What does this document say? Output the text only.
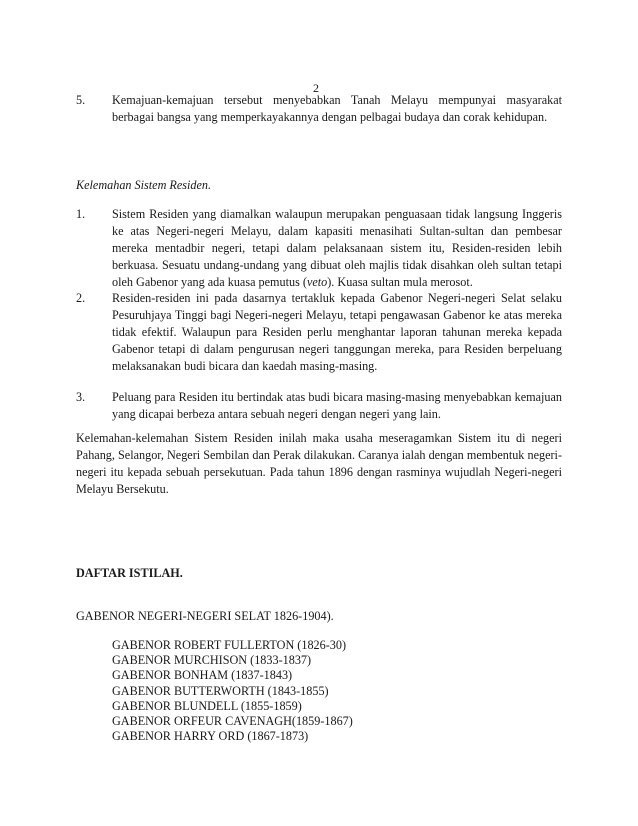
2
5. Kemajuan-kemajuan tersebut menyebabkan Tanah Melayu mempunyai masyarakat berbagai bangsa yang memperkayakannya dengan pelbagai budaya dan corak kehidupan.
Kelemahan Sistem Residen.
1. Sistem Residen yang diamalkan walaupun merupakan penguasaan tidak langsung Inggeris ke atas Negeri-negeri Melayu, dalam kapasiti menasihati Sultan-sultan dan pembesar mereka mentadbir negeri, tetapi dalam pelaksanaan sistem itu, Residen-residen lebih berkuasa. Sesuatu undang-undang yang dibuat oleh majlis tidak disahkan oleh sultan tetapi oleh Gabenor yang ada kuasa pemutus (veto). Kuasa sultan mula merosot.
2. Residen-residen ini pada dasarnya tertakluk kepada Gabenor Negeri-negeri Selat selaku Pesuruhjaya Tinggi bagi Negeri-negeri Melayu, tetapi pengawasan Gabenor ke atas mereka tidak efektif. Walaupun para Residen perlu menghantar laporan tahunan mereka kepada Gabenor tetapi di dalam pengurusan negeri tanggungan mereka, para Residen berpeluang melaksanakan budi bicara dan kaedah masing-masing.
3. Peluang para Residen itu bertindak atas budi bicara masing-masing menyebabkan kemajuan yang dicapai berbeza antara sebuah negeri dengan negeri yang lain.
Kelemahan-kelemahan Sistem Residen inilah maka usaha meseragamkan Sistem itu di negeri Pahang, Selangor, Negeri Sembilan dan Perak dilakukan. Caranya ialah dengan membentuk negeri-negeri itu kepada sebuah persekutuan. Pada tahun 1896 dengan rasminya wujudlah Negeri-negeri Melayu Bersekutu.
DAFTAR ISTILAH.
GABENOR NEGERI-NEGERI SELAT 1826-1904).
GABENOR ROBERT FULLERTON (1826-30)
GABENOR MURCHISON (1833-1837)
GABENOR BONHAM (1837-1843)
GABENOR BUTTERWORTH (1843-1855)
GABENOR BLUNDELL (1855-1859)
GABENOR ORFEUR CAVENAGH(1859-1867)
GABENOR HARRY ORD (1867-1873)
